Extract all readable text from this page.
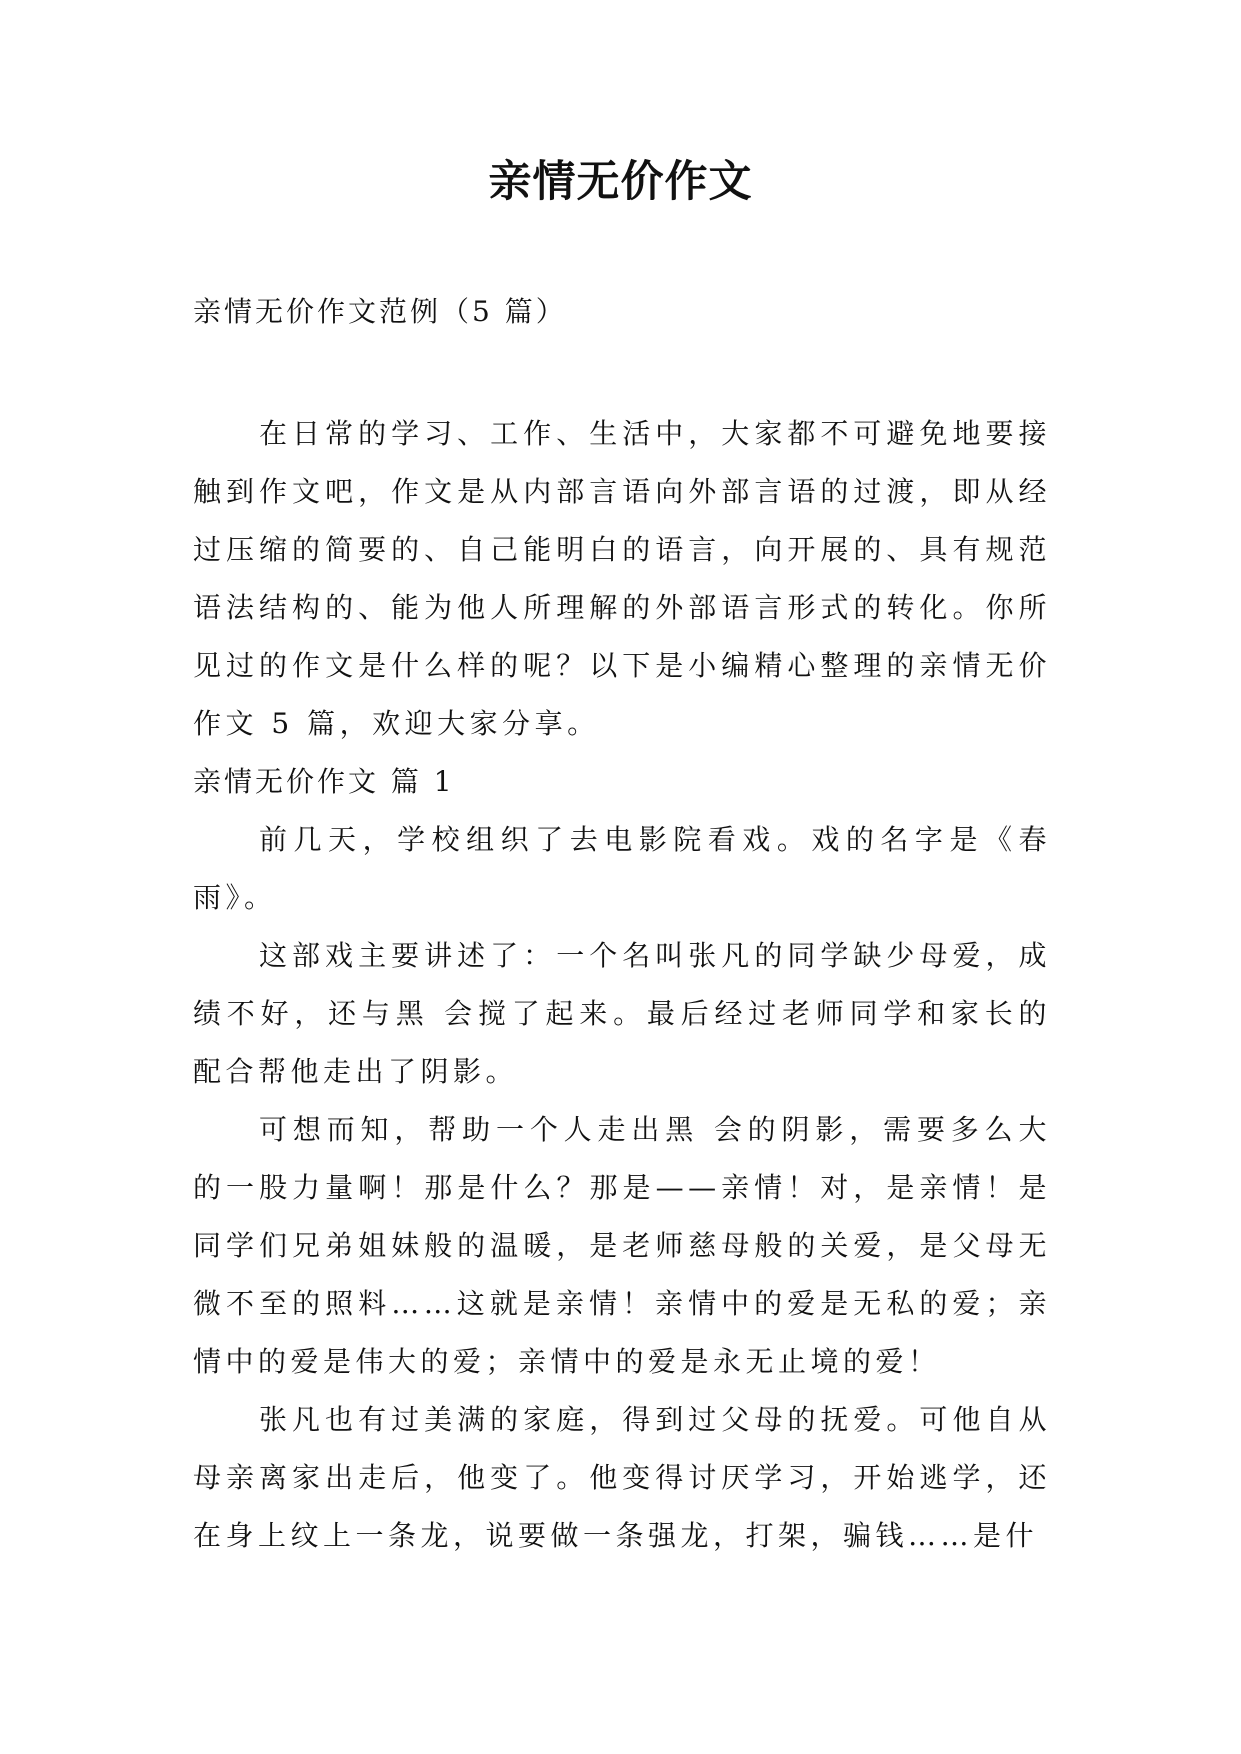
亲情无价作文
亲情无价作文范例（5 篇）

在日常的学习、工作、生活中，大家都不可避免地要接触到作文吧，作文是从内部言语向外部言语的过渡，即从经过压缩的简要的、自己能明白的语言，向开展的、具有规范语法结构的、能为他人所理解的外部语言形式的转化。你所见过的作文是什么样的呢？以下是小编精心整理的亲情无价作文 5 篇，欢迎大家分享。

亲情无价作文 篇 1

前几天，学校组织了去电影院看戏。戏的名字是《春雨》。

这部戏主要讲述了：一个名叫张凡的同学缺少母爱，成绩不好，还与黑 会搅了起来。最后经过老师同学和家长的配合帮他走出了阴影。

可想而知，帮助一个人走出黑 会的阴影，需要多么大的一股力量啊！那是什么？那是——亲情！对，是亲情！是同学们兄弟姐妹般的温暖，是老师慈母般的关爱，是父母无微不至的照料……这就是亲情！亲情中的爱是无私的爱；亲情中的爱是伟大的爱；亲情中的爱是永无止境的爱！

张凡也有过美满的家庭，得到过父母的抚爱。可他自从母亲离家出走后，他变了。他变得讨厌学习，开始逃学，还在身上纹上一条龙，说要做一条强龙，打架，骗钱……是什
